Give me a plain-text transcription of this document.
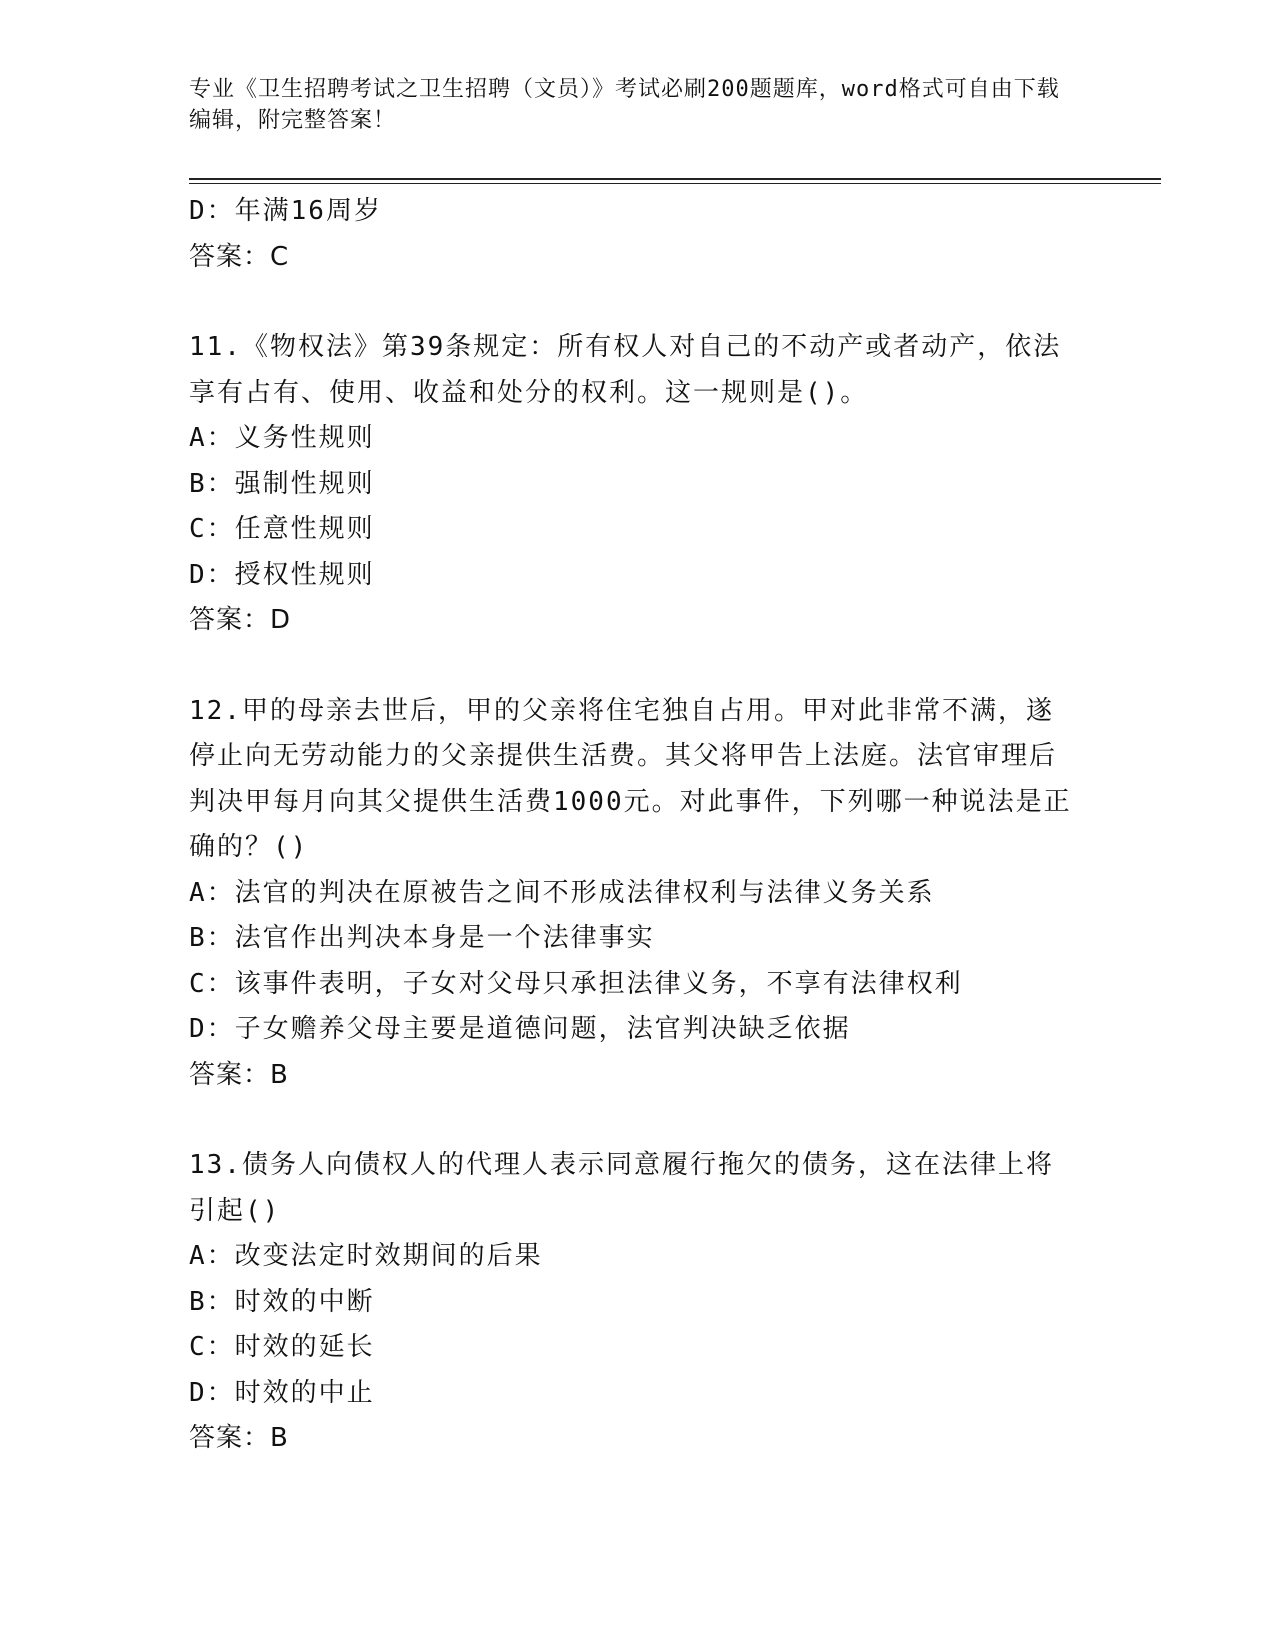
专业《卫生招聘考试之卫生招聘（文员）》考试必刷200题题库，word格式可自由下载编辑，附完整答案！
D：年满16周岁
答案：C
11.《物权法》第39条规定：所有权人对自己的不动产或者动产，依法享有占有、使用、收益和处分的权利。这一规则是()。
A：义务性规则
B：强制性规则
C：任意性规则
D：授权性规则
答案：D
12.甲的母亲去世后，甲的父亲将住宅独自占用。甲对此非常不满，遂停止向无劳动能力的父亲提供生活费。其父将甲告上法庭。法官审理后判决甲每月向其父提供生活费1000元。对此事件，下列哪一种说法是正确的？()
A：法官的判决在原被告之间不形成法律权利与法律义务关系
B：法官作出判决本身是一个法律事实
C：该事件表明，子女对父母只承担法律义务，不享有法律权利
D：子女赡养父母主要是道德问题，法官判决缺乏依据
答案：B
13.债务人向债权人的代理人表示同意履行拖欠的债务，这在法律上将引起()
A：改变法定时效期间的后果
B：时效的中断
C：时效的延长
D：时效的中止
答案：B
